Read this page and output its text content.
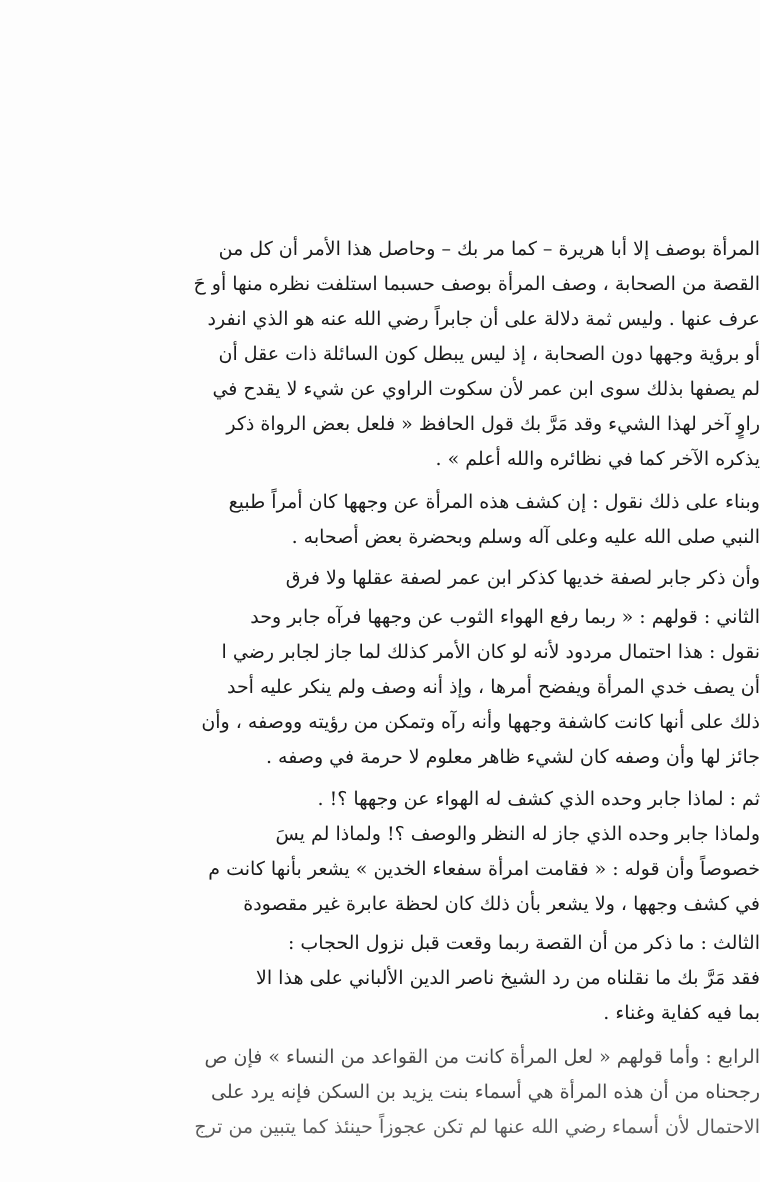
المرأة بوصف إلا أبا هريرة – كما مر بك – وحاصل هذا الأمر أن كل من
القصة من الصحابة ، وصف المرأة بوصف حسبما استلفت نظره منها أو حَ
عرف عنها . وليس ثمة دلالة على أن جابراً رضي الله عنه هو الذي انفرد
أو برؤية وجهها دون الصحابة ، إذ ليس يبطل كون السائلة ذات عقل أن
لم يصفها بذلك سوى ابن عمر لأن سكوت الراوي عن شيء لا يقدح في
راوٍ آخر لهذا الشيء وقد مَرَّ بك قول الحافظ « فلعل بعض الرواة ذكر
يذكره الآخر كما في نظائره والله أعلم » .
وبناء على ذلك نقول : إن كشف هذه المرأة عن وجهها كان أمراً طبيع
النبي صلى الله عليه وعلى آله وسلم وبحضرة بعض أصحابه .
وأن ذكر جابر لصفة خديها كذكر ابن عمر لصفة عقلها ولا فرق
الثاني : قولهم : « ربما رفع الهواء الثوب عن وجهها فرآه جابر وحد
نقول : هذا احتمال مردود لأنه لو كان الأمر كذلك لما جاز لجابر رضي ا
أن يصف خدي المرأة ويفضح أمرها ، وإذ أنه وصف ولم ينكر عليه أحد
ذلك على أنها كانت كاشفة وجهها وأنه رآه وتمكن من رؤيته ووصفه ، وأن
جائز لها وأن وصفه كان لشيء ظاهر معلوم لا حرمة في وصفه .
ثم : لماذا جابر وحده الذي كشف له الهواء عن وجهها ؟! .
ولماذا جابر وحده الذي جاز له النظر والوصف ؟! ولماذا لم يسَ
خصوصاً وأن قوله : « فقامت امرأة سفعاء الخدين » يشعر بأنها كانت م
في كشف وجهها ، ولا يشعر بأن ذلك كان لحظة عابرة غير مقصودة
الثالث : ما ذكر من أن القصة ربما وقعت قبل نزول الحجاب :
فقد مَرَّ بك ما نقلناه من رد الشيخ ناصر الدين الألباني على هذا الا
بما فيه كفاية وغناء .
الرابع : وأما قولهم « لعل المرأة كانت من القواعد من النساء » فإن ص
رجحناه من أن هذه المرأة هي أسماء بنت يزيد بن السكن فإنه يرد على
الاحتمال لأن أسماء رضي الله عنها لم تكن عجوزاً حينئذ كما يتبين من ترج
